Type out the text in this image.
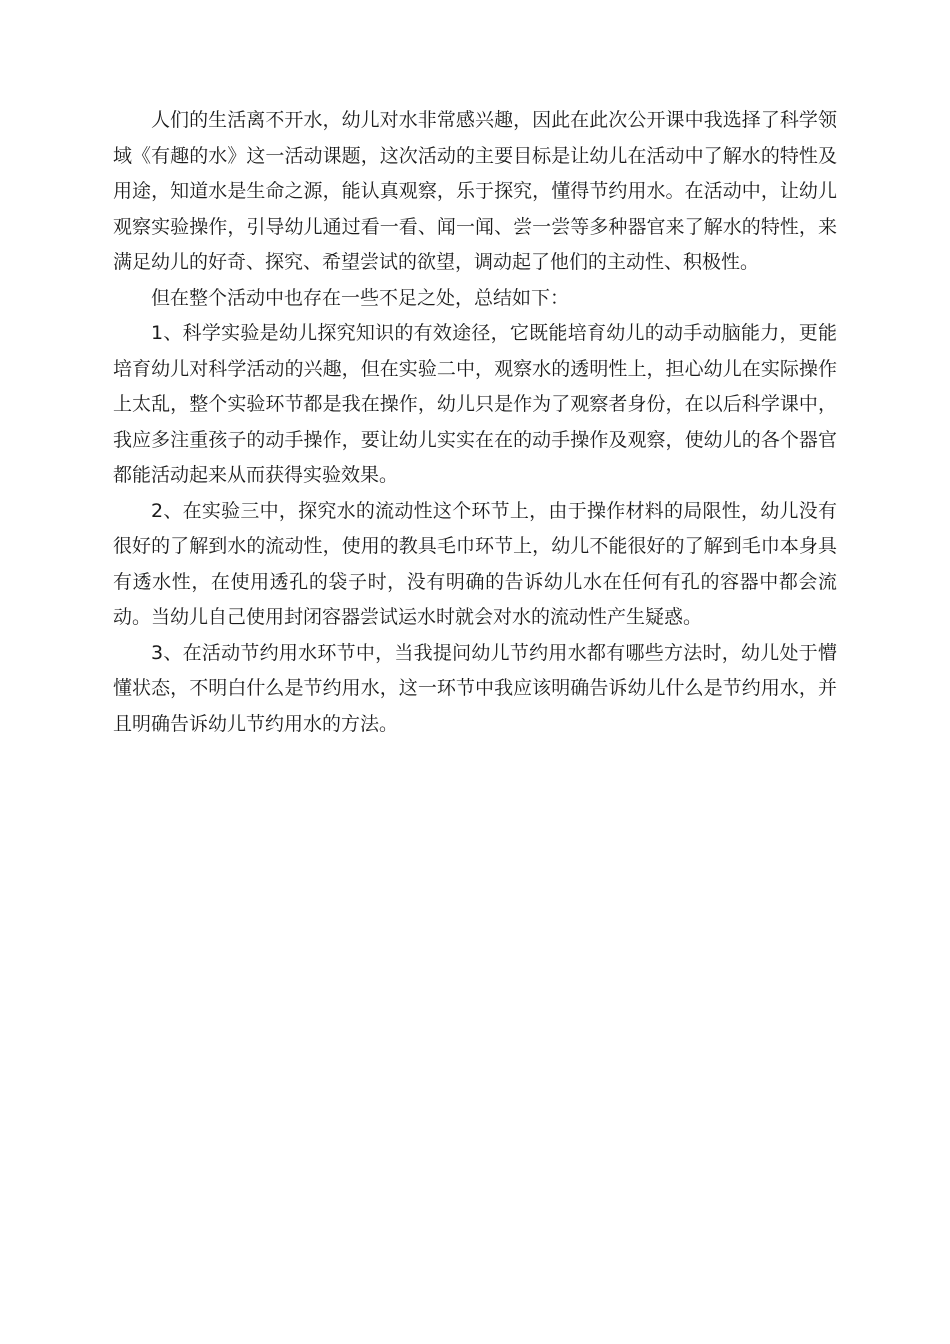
人们的生活离不开水，幼儿对水非常感兴趣，因此在此次公开课中我选择了科学领域《有趣的水》这一活动课题，这次活动的主要目标是让幼儿在活动中了解水的特性及用途，知道水是生命之源，能认真观察，乐于探究，懂得节约用水。在活动中，让幼儿观察实验操作，引导幼儿通过看一看、闻一闻、尝一尝等多种器官来了解水的特性，来满足幼儿的好奇、探究、希望尝试的欲望，调动起了他们的主动性、积极性。

但在整个活动中也存在一些不足之处，总结如下：

1、科学实验是幼儿探究知识的有效途径，它既能培育幼儿的动手动脑能力，更能培育幼儿对科学活动的兴趣，但在实验二中，观察水的透明性上，担心幼儿在实际操作上太乱，整个实验环节都是我在操作，幼儿只是作为了观察者身份，在以后科学课中，我应多注重孩子的动手操作，要让幼儿实实在在的动手操作及观察，使幼儿的各个器官都能活动起来从而获得实验效果。

2、在实验三中，探究水的流动性这个环节上，由于操作材料的局限性，幼儿没有很好的了解到水的流动性，使用的教具毛巾环节上，幼儿不能很好的了解到毛巾本身具有透水性，在使用透孔的袋子时，没有明确的告诉幼儿水在任何有孔的容器中都会流动。当幼儿自己使用封闭容器尝试运水时就会对水的流动性产生疑惑。

3、在活动节约用水环节中，当我提问幼儿节约用水都有哪些方法时，幼儿处于懵懂状态，不明白什么是节约用水，这一环节中我应该明确告诉幼儿什么是节约用水，并且明确告诉幼儿节约用水的方法。
